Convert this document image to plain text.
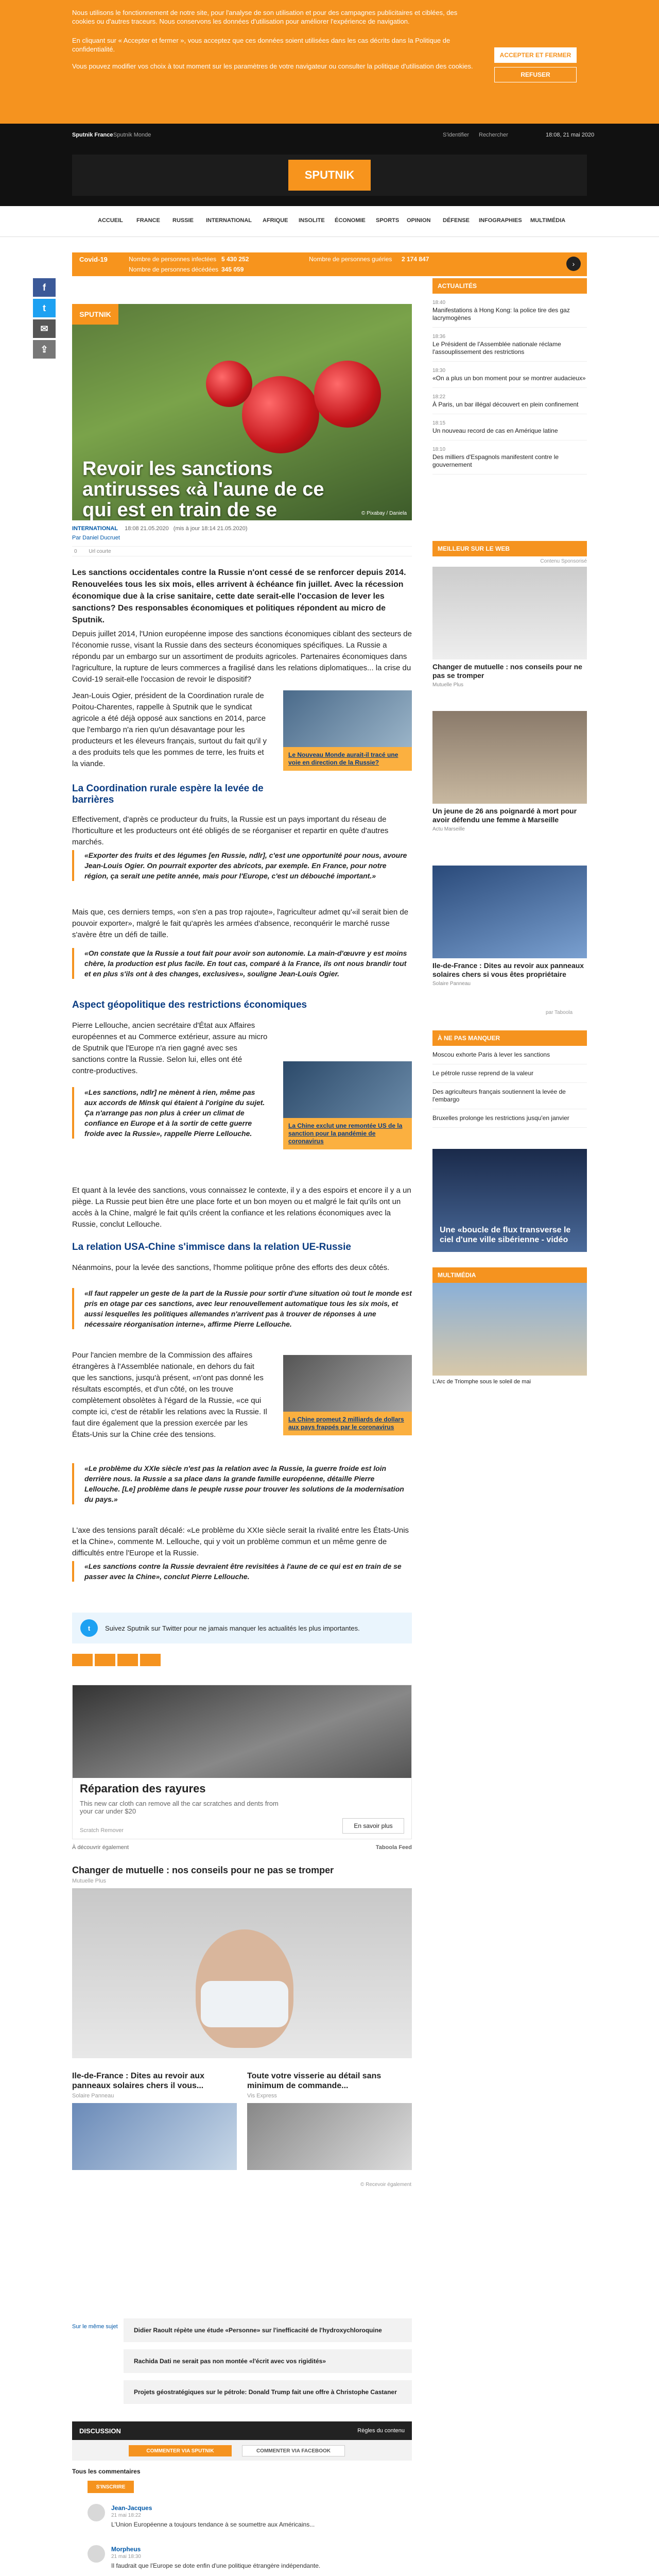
Nous utilisons le fonctionnement de notre site, pour l'analyse de son utilisation et pour des campagnes publicitaires et ciblées, des cookies ou d'autres traceurs. Nous conservons les données d'utilisation pour améliorer l'expérience de navigation.

En cliquant sur « Accepter et fermer », vous acceptez que ces données soient utilisées dans les cas décrits dans la Politique de confidentialité.

Vous pouvez modifier vos choix à tout moment sur les paramètres de votre navigateur ou consulter la politique d'utilisation des cookies.

ACCEPTER ET FERMER
REFUSER
Sputnik France Sputnik Monde	S'identifier Rechercher	18:08, 21 mai 2020
SPUTNIK
ACCUEIL FRANCE RUSSIE INTERNATIONAL AFRIQUE INSOLITE ÉCONOMIE SPORTS OPINION DÉFENSE INFOGRAPHIES MULTIMÉDIA
Covid-19	Nombre de personnes infectées 5 430 252	Nombre de personnes guéries 2 174 847
Nombre de personnes décédées 345 059
›
f
t
✉
⇪
SPUTNIK
Revoir les sanctions antirusses «à l'aune de ce qui est en train de se	© Pixabay / Daniela
INTERNATIONAL 18:08 21.05.2020 (mis à jour 18:14 21.05.2020)
Par Daniel Ducruet
0 Url courte
Les sanctions occidentales contre la Russie n'ont cessé de se renforcer depuis 2014. Renouvelées tous les six mois, elles arrivent à échéance fin juillet. Avec la récession économique due à la crise sanitaire, cette date serait-elle l'occasion de lever les sanctions? Des responsables économiques et politiques répondent au micro de Sputnik.
Depuis juillet 2014, l'Union européenne impose des sanctions économiques ciblant des secteurs de l'économie russe, visant la Russie dans des secteurs économiques spécifiques. La Russie a répondu par un embargo sur un assortiment de produits agricoles. Partenaires économiques dans l'agriculture, la rupture de leurs commerces a fragilisé dans les relations diplomatiques... la crise du Covid-19 serait-elle l'occasion de revoir le dispositif?
Jean-Louis Ogier, président de la Coordination rurale de Poitou-Charentes, rappelle à Sputnik que le syndicat agricole a été déjà opposé aux sanctions en 2014, parce que l'embargo n'a rien qu'un désavantage pour les producteurs et les éleveurs français, surtout du fait qu'il y a des produits tels que les pommes de terre, les fruits et la viande.
Le Nouveau Monde aurait-il tracé une voie en direction de la Russie?
La Coordination rurale espère la levée de barrières
Effectivement, d'après ce producteur du fruits, la Russie est un pays important du réseau de l'horticulture et les producteurs ont été obligés de se réorganiser et repartir en quête d'autres marchés.
«Exporter des fruits et des légumes [en Russie, ndlr], c'est une opportunité pour nous, avoure Jean-Louis Ogier. On pourrait exporter des abricots, par exemple. En France, pour notre région, ça serait une petite année, mais pour l'Europe, c'est un débouché important.»
Mais que, ces derniers temps, «on s'en a pas trop rajoute», l'agriculteur admet qu'«il serait bien de pouvoir exporter», malgré le fait qu'après les armées d'absence, reconquérir le marché russe s'avère être un défi de taille.
«On constate que la Russie a tout fait pour avoir son autonomie. La main-d'œuvre y est moins chère, la production est plus facile. En tout cas, comparé à la France, ils ont nous brandir tout et en plus s'ils ont à des changes, exclusives», souligne Jean-Louis Ogier.
Aspect géopolitique des restrictions économiques
Pierre Lellouche, ancien secrétaire d'État aux Affaires européennes et au Commerce extérieur, assure au micro de Sputnik que l'Europe n'a rien gagné avec ses sanctions contre la Russie. Selon lui, elles ont été contre-productives.
«Les sanctions, ndlr] ne mènent à rien, même pas aux accords de Minsk qui étaient à l'origine du sujet. Ça n'arrange pas non plus à créer un climat de confiance en Europe et à la sortir de cette guerre froide avec la Russie», rappelle Pierre Lellouche.
La Chine exclut une remontée US de la sanction pour la pandémie de coronavirus
Et quant à la levée des sanctions, vous connaissez le contexte, il y a des espoirs et encore il y a un piège. La Russie peut bien être une place forte et un bon moyen ou et malgré le fait qu'ils ont un accès à la Chine, malgré le fait qu'ils créent la confiance et les relations économiques avec la Russie, conclut Lellouche.
La relation USA-Chine s'immisce dans la relation UE-Russie
Néanmoins, pour la levée des sanctions, l'homme politique prône des efforts des deux côtés.
«Il faut rappeler un geste de la part de la Russie pour sortir d'une situation où tout le monde est pris en otage par ces sanctions, avec leur renouvellement automatique tous les six mois, et aussi lesquelles les politiques allemandes n'arrivent pas à trouver de réponses à une nécessaire réorganisation interne», affirme Pierre Lellouche.
Pour l'ancien membre de la Commission des affaires étrangères à l'Assemblée nationale, en dehors du fait que les sanctions, jusqu'à présent, «n'ont pas donné les résultats escomptés, et d'un côté, on les trouve complètement obsolètes à l'égard de la Russie, «ce qui compte ici, c'est de rétablir les relations avec la Russie. Il faut dire également que la pression exercée par les États-Unis sur la Chine crée des tensions.
La Chine promeut 2 milliards de dollars aux pays frappés par le coronavirus
«Le problème du XXIe siècle n'est pas la relation avec la Russie, la guerre froide est loin derrière nous. la Russie a sa place dans la grande famille européenne, détaille Pierre Lellouche. [Le] problème dans le peuple russe pour trouver les solutions de la modernisation du pays.»
L'axe des tensions paraît décalé: «Le problème du XXIe siècle serait la rivalité entre les États-Unis et la Chine», commente M. Lellouche, qui y voit un problème commun et un même genre de difficultés entre l'Europe et la Russie.
«Les sanctions contre la Russie devraient être revisitées à l'aune de ce qui est en train de se passer avec la Chine», conclut Pierre Lellouche.
t	Suivez Sputnik sur Twitter pour ne jamais manquer les actualités les plus importantes.
Réparation des rayures
This new car cloth can remove all the car scratches and dents from your car under $20
Scratch Remover
En savoir plus
À découvrir également	Taboola Feed
Changer de mutuelle : nos conseils pour ne pas se tromper
Mutuelle Plus
Ile-de-France : Dites au revoir aux panneaux solaires chers il vous...
Solaire Panneau
Toute votre visserie au détail sans minimum de commande...
Vis Express
© Recevoir également
Sur le même sujet	Didier Raoult répète une étude «Personne» sur l'inefficacité de l'hydroxychloroquine
Rachida Dati ne serait pas non montée «l'écrit avec vos rigidités»
Projets géostratégiques sur le pétrole: Donald Trump fait une offre à Christophe Castaner
DISCUSSION	Règles du contenu
COMMENTER VIA SPUTNIK	COMMENTER VIA FACEBOOK
Tous les commentaires
S'INSCRIRE
Jean-Jacques
21 mai 18:22
L'Union Européenne a toujours tendance à se soumettre aux Américains...
Morpheus
21 mai 18:30
Il faudrait que l'Europe se dote enfin d'une politique étrangère indépendante.
ACTUALITÉS
18:40
Manifestations à Hong Kong: la police tire des gaz lacrymogènes
18:36
Le Président de l'Assemblée nationale réclame l'assouplissement des restrictions
18:30
«On a plus un bon moment pour se montrer audacieux»
18:22
À Paris, un bar illégal découvert en plein confinement
18:15
Un nouveau record de cas en Amérique latine
18:10
Des milliers d'Espagnols manifestent contre le gouvernement
MEILLEUR SUR LE WEB
Contenu Sponsorisé
Changer de mutuelle : nos conseils pour ne pas se tromper
Mutuelle Plus
Un jeune de 26 ans poignardé à mort pour avoir défendu une femme à Marseille
Actu Marseille
Ile-de-France : Dites au revoir aux panneaux solaires chers si vous êtes propriétaire
Solaire Panneau
par Taboola
À NE PAS MANQUER
Moscou exhorte Paris à lever les sanctions
Le pétrole russe reprend de la valeur
Des agriculteurs français soutiennent la levée de l'embargo
Bruxelles prolonge les restrictions jusqu'en janvier
Une «boucle de flux transverse le ciel d'une ville sibérienne - vidéo
MULTIMÉDIA
L'Arc de Triomphe sous le soleil de mai
